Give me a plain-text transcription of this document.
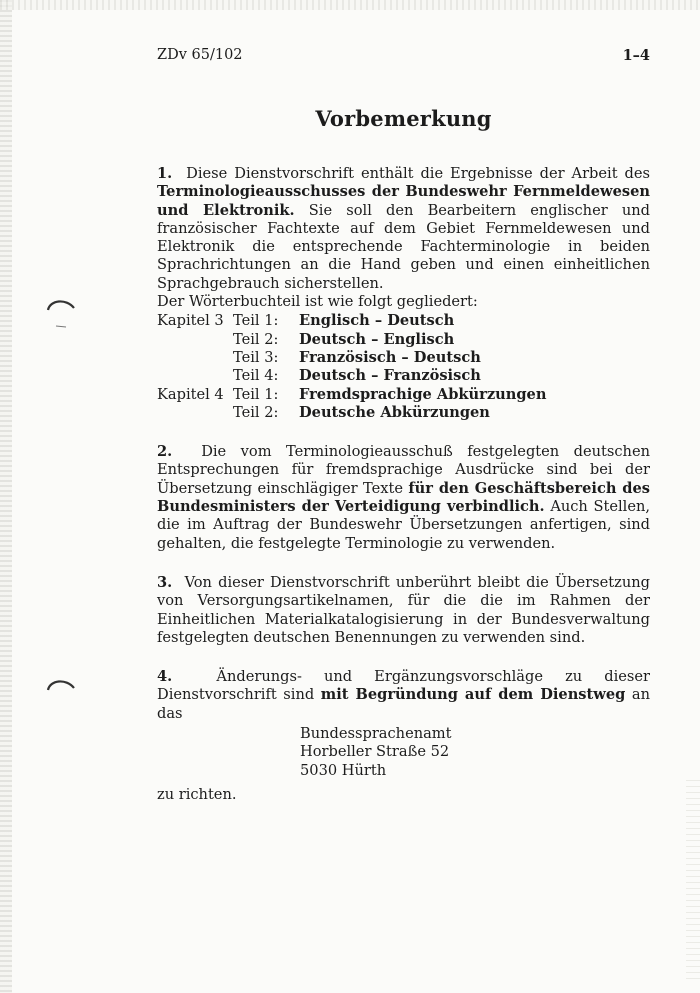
ZDv 65/102	1–4
Vorbemerkung

1. Diese Dienstvorschrift enthält die Ergebnisse der Arbeit des Terminologieausschusses der Bundeswehr Fernmeldewesen und Elektronik. Sie soll den Bearbeitern englischer und französischer Fachtexte auf dem Gebiet Fernmeldewesen und Elektronik die entsprechende Fachterminologie in beiden Sprachrichtungen an die Hand geben und einen einheitlichen Sprachgebrauch sicherstellen.

Der Wörterbuchteil ist wie folgt gegliedert:

Kapitel 3	Teil 1:	Englisch – Deutsch
	Teil 2:	Deutsch – Englisch
	Teil 3:	Französisch – Deutsch
	Teil 4:	Deutsch – Französisch
Kapitel 4	Teil 1:	Fremdsprachige Abkürzungen
	Teil 2:	Deutsche Abkürzungen

2. Die vom Terminologieausschuß festgelegten deutschen Entsprechungen für fremdsprachige Ausdrücke sind bei der Übersetzung einschlägiger Texte für den Geschäftsbereich des Bundesministers der Verteidigung verbindlich. Auch Stellen, die im Auftrag der Bundeswehr Übersetzungen anfertigen, sind gehalten, die festgelegte Terminologie zu verwenden.

3. Von dieser Dienstvorschrift unberührt bleibt die Übersetzung von Versorgungsartikelnamen, für die die im Rahmen der Einheitlichen Materialkatalogisierung in der Bundesverwaltung festgelegten deutschen Benennungen zu verwenden sind.

4.	Änderungs- und Ergänzungsvorschläge zu dieser Dienstvorschrift sind mit Begründung auf dem Dienstweg an das

Bundessprachenamt
Horbeller Straße 52
5030 Hürth

zu richten.
